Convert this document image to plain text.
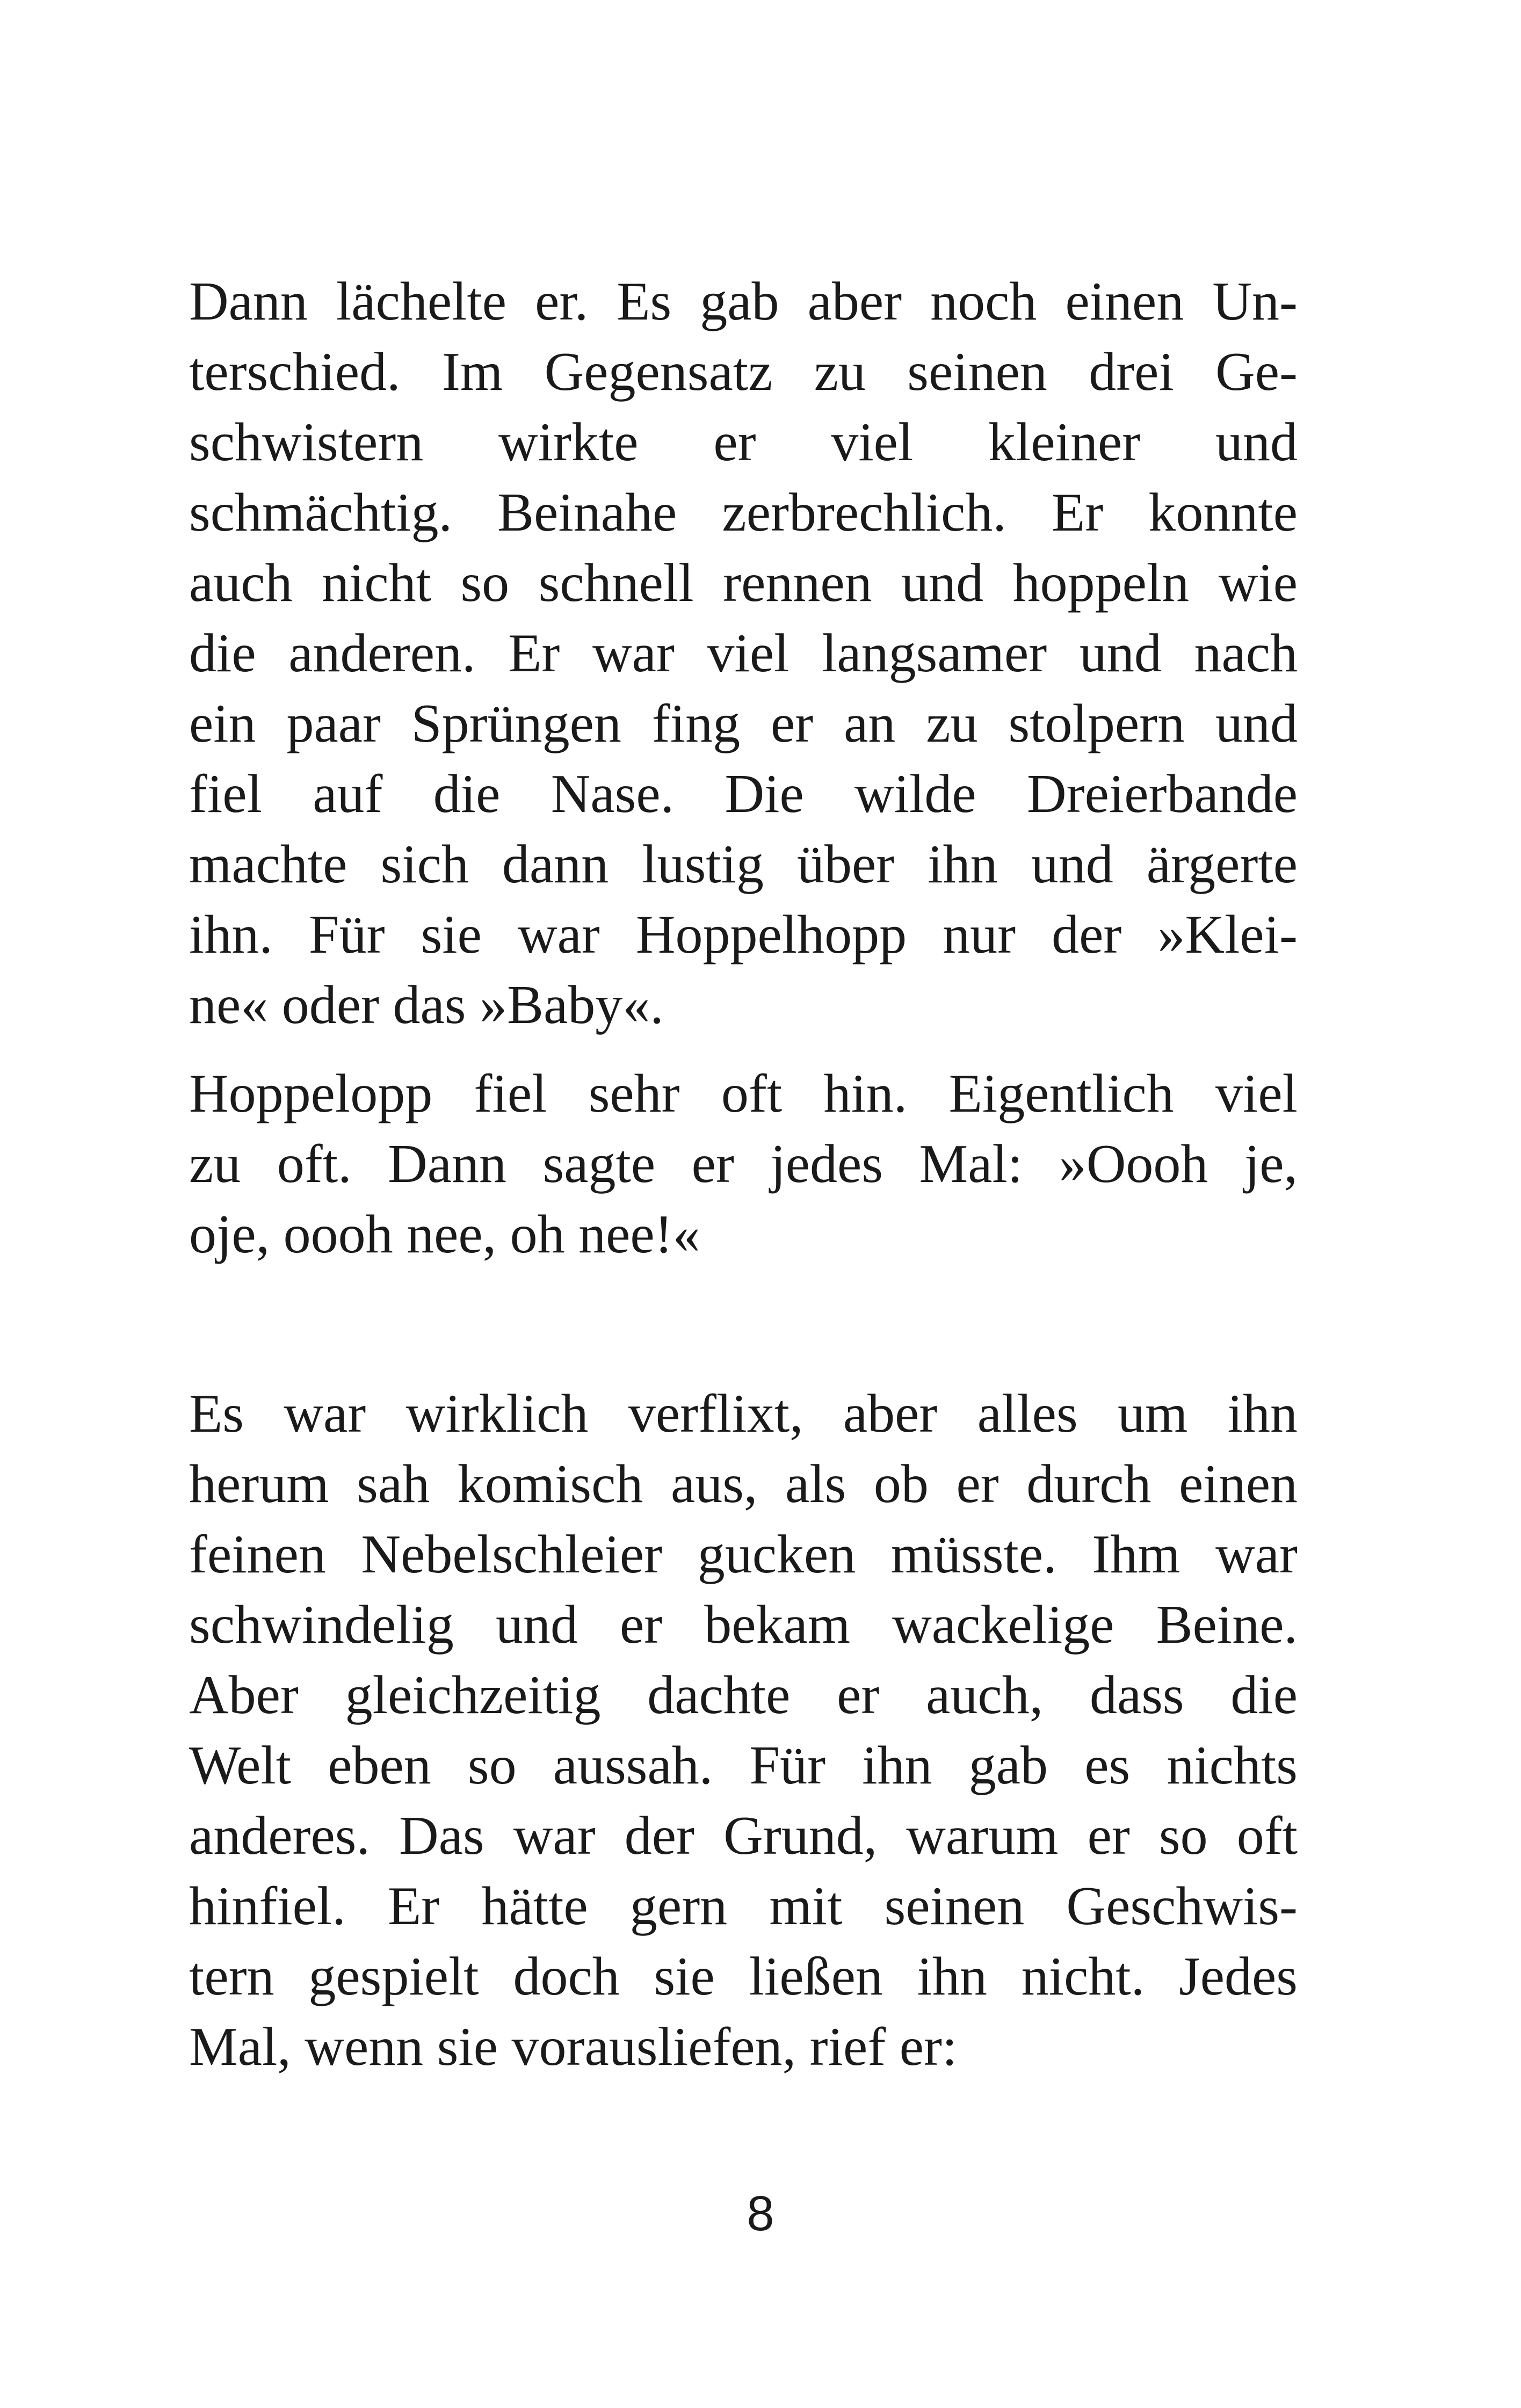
Dann lächelte er. Es gab aber noch einen Un-
terschied. Im Gegensatz zu seinen drei Ge-
schwistern wirkte er viel kleiner und
schmächtig. Beinahe zerbrechlich. Er konnte
auch nicht so schnell rennen und hoppeln wie
die anderen. Er war viel langsamer und nach
ein paar Sprüngen fing er an zu stolpern und
fiel auf die Nase. Die wilde Dreierbande
machte sich dann lustig über ihn und ärgerte
ihn. Für sie war Hoppelhopp nur der »Klei-
ne« oder das »Baby«.
Hoppelopp fiel sehr oft hin. Eigentlich viel
zu oft. Dann sagte er jedes Mal: »Oooh je,
oje, oooh nee, oh nee!«
Es war wirklich verflixt, aber alles um ihn
herum sah komisch aus, als ob er durch einen
feinen Nebelschleier gucken müsste. Ihm war
schwindelig und er bekam wackelige Beine.
Aber gleichzeitig dachte er auch, dass die
Welt eben so aussah. Für ihn gab es nichts
anderes. Das war der Grund, warum er so oft
hinfiel. Er hätte gern mit seinen Geschwis-
tern gespielt doch sie ließen ihn nicht. Jedes
Mal, wenn sie vorausliefen, rief er:
8
